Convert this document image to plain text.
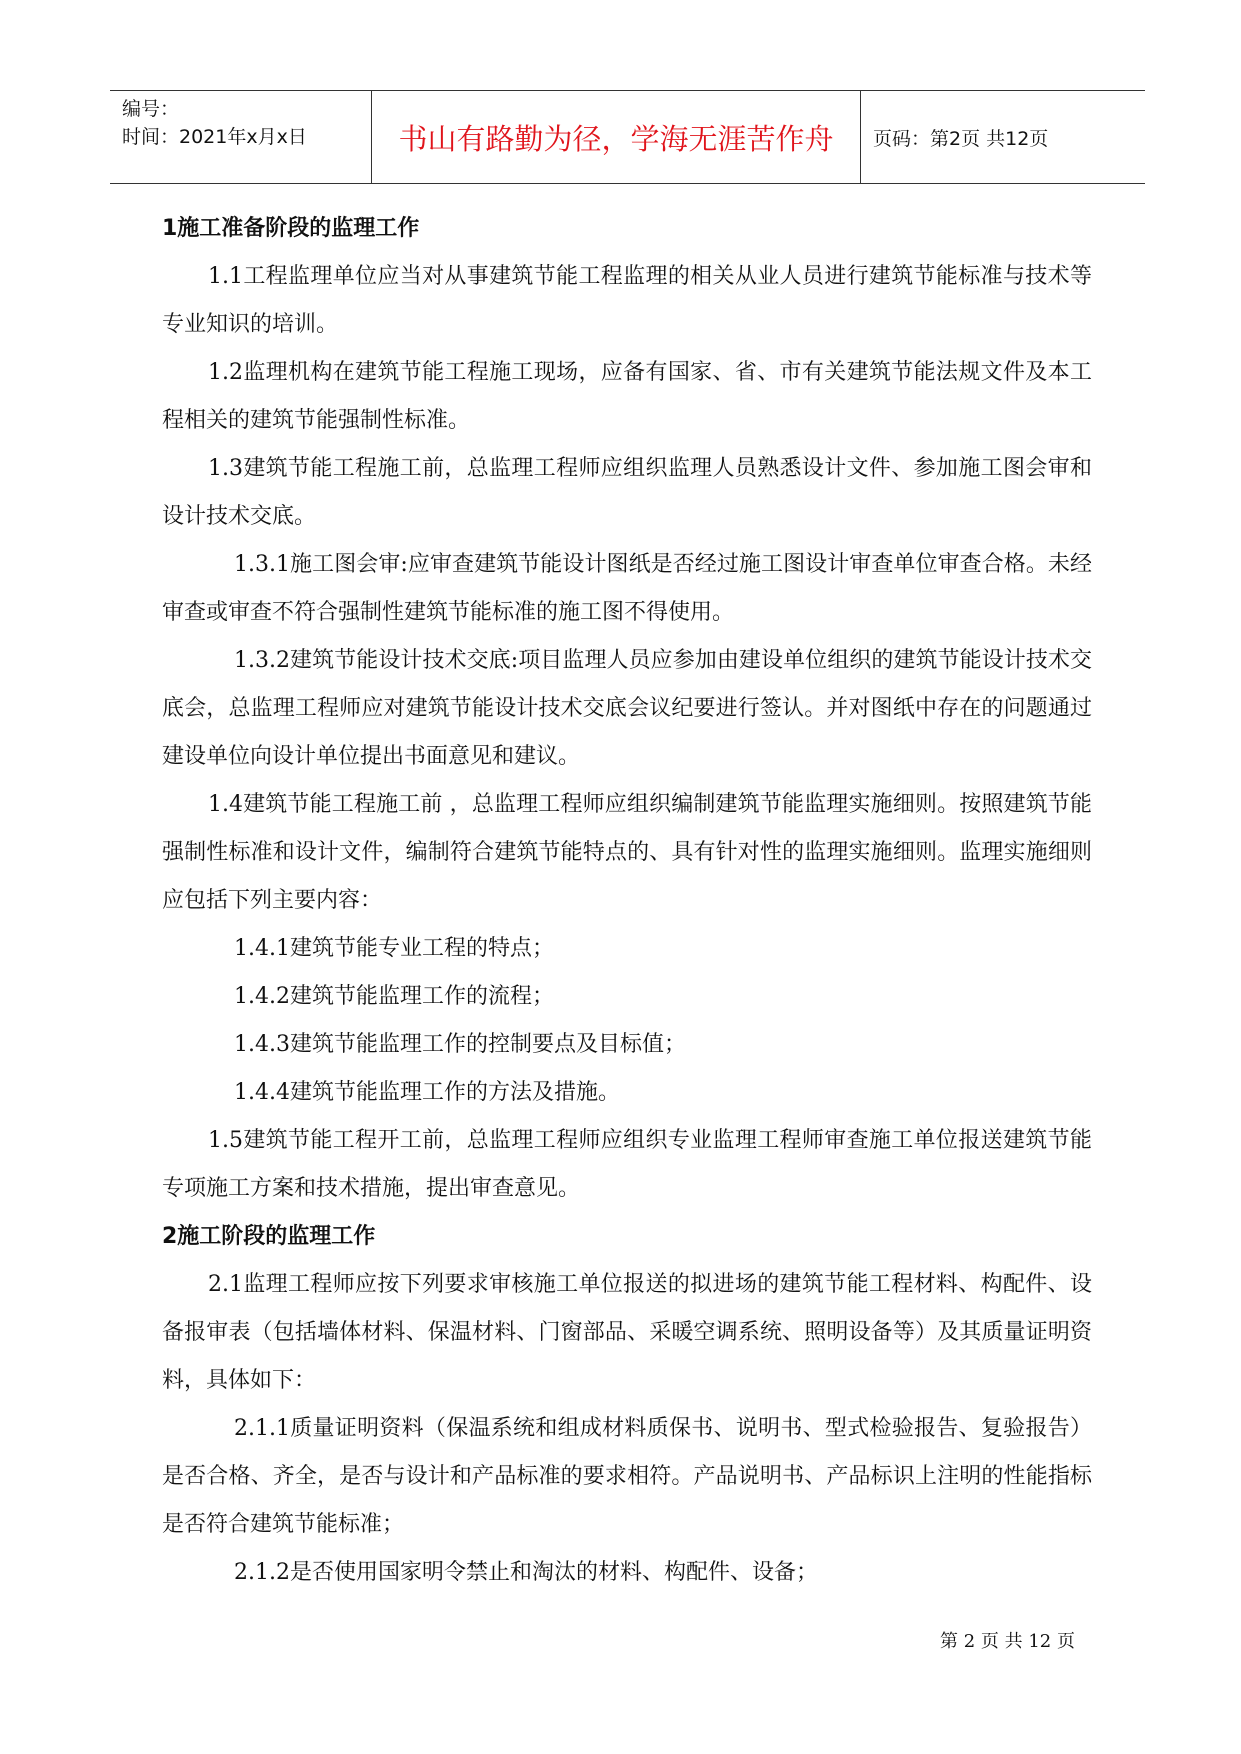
编号：
时间：2021年x月x日	书山有路勤为径，学海无涯苦作舟	页码：第2页 共12页

1施工准备阶段的监理工作

1.1工程监理单位应当对从事建筑节能工程监理的相关从业人员进行建筑节能标准与技术等专业知识的培训。

1.2监理机构在建筑节能工程施工现场，应备有国家、省、市有关建筑节能法规文件及本工程相关的建筑节能强制性标准。

1.3建筑节能工程施工前，总监理工程师应组织监理人员熟悉设计文件、参加施工图会审和设计技术交底。

1.3.1施工图会审:应审查建筑节能设计图纸是否经过施工图设计审查单位审查合格。未经审查或审查不符合强制性建筑节能标准的施工图不得使用。

1.3.2建筑节能设计技术交底:项目监理人员应参加由建设单位组织的建筑节能设计技术交底会，总监理工程师应对建筑节能设计技术交底会议纪要进行签认。并对图纸中存在的问题通过建设单位向设计单位提出书面意见和建议。

1.4建筑节能工程施工前 ，总监理工程师应组织编制建筑节能监理实施细则。按照建筑节能强制性标准和设计文件，编制符合建筑节能特点的、具有针对性的监理实施细则。监理实施细则应包括下列主要内容：

1.4.1建筑节能专业工程的特点；

1.4.2建筑节能监理工作的流程；

1.4.3建筑节能监理工作的控制要点及目标值；

1.4.4建筑节能监理工作的方法及措施。

1.5建筑节能工程开工前，总监理工程师应组织专业监理工程师审查施工单位报送建筑节能专项施工方案和技术措施，提出审查意见。

2施工阶段的监理工作

2.1监理工程师应按下列要求审核施工单位报送的拟进场的建筑节能工程材料、构配件、设备报审表（包括墙体材料、保温材料、门窗部品、采暖空调系统、照明设备等）及其质量证明资料，具体如下：

2.1.1质量证明资料（保温系统和组成材料质保书、说明书、型式检验报告、复验报告）是否合格、齐全，是否与设计和产品标准的要求相符。产品说明书、产品标识上注明的性能指标是否符合建筑节能标准；

2.1.2是否使用国家明令禁止和淘汰的材料、构配件、设备；

第 2 页 共 12 页
